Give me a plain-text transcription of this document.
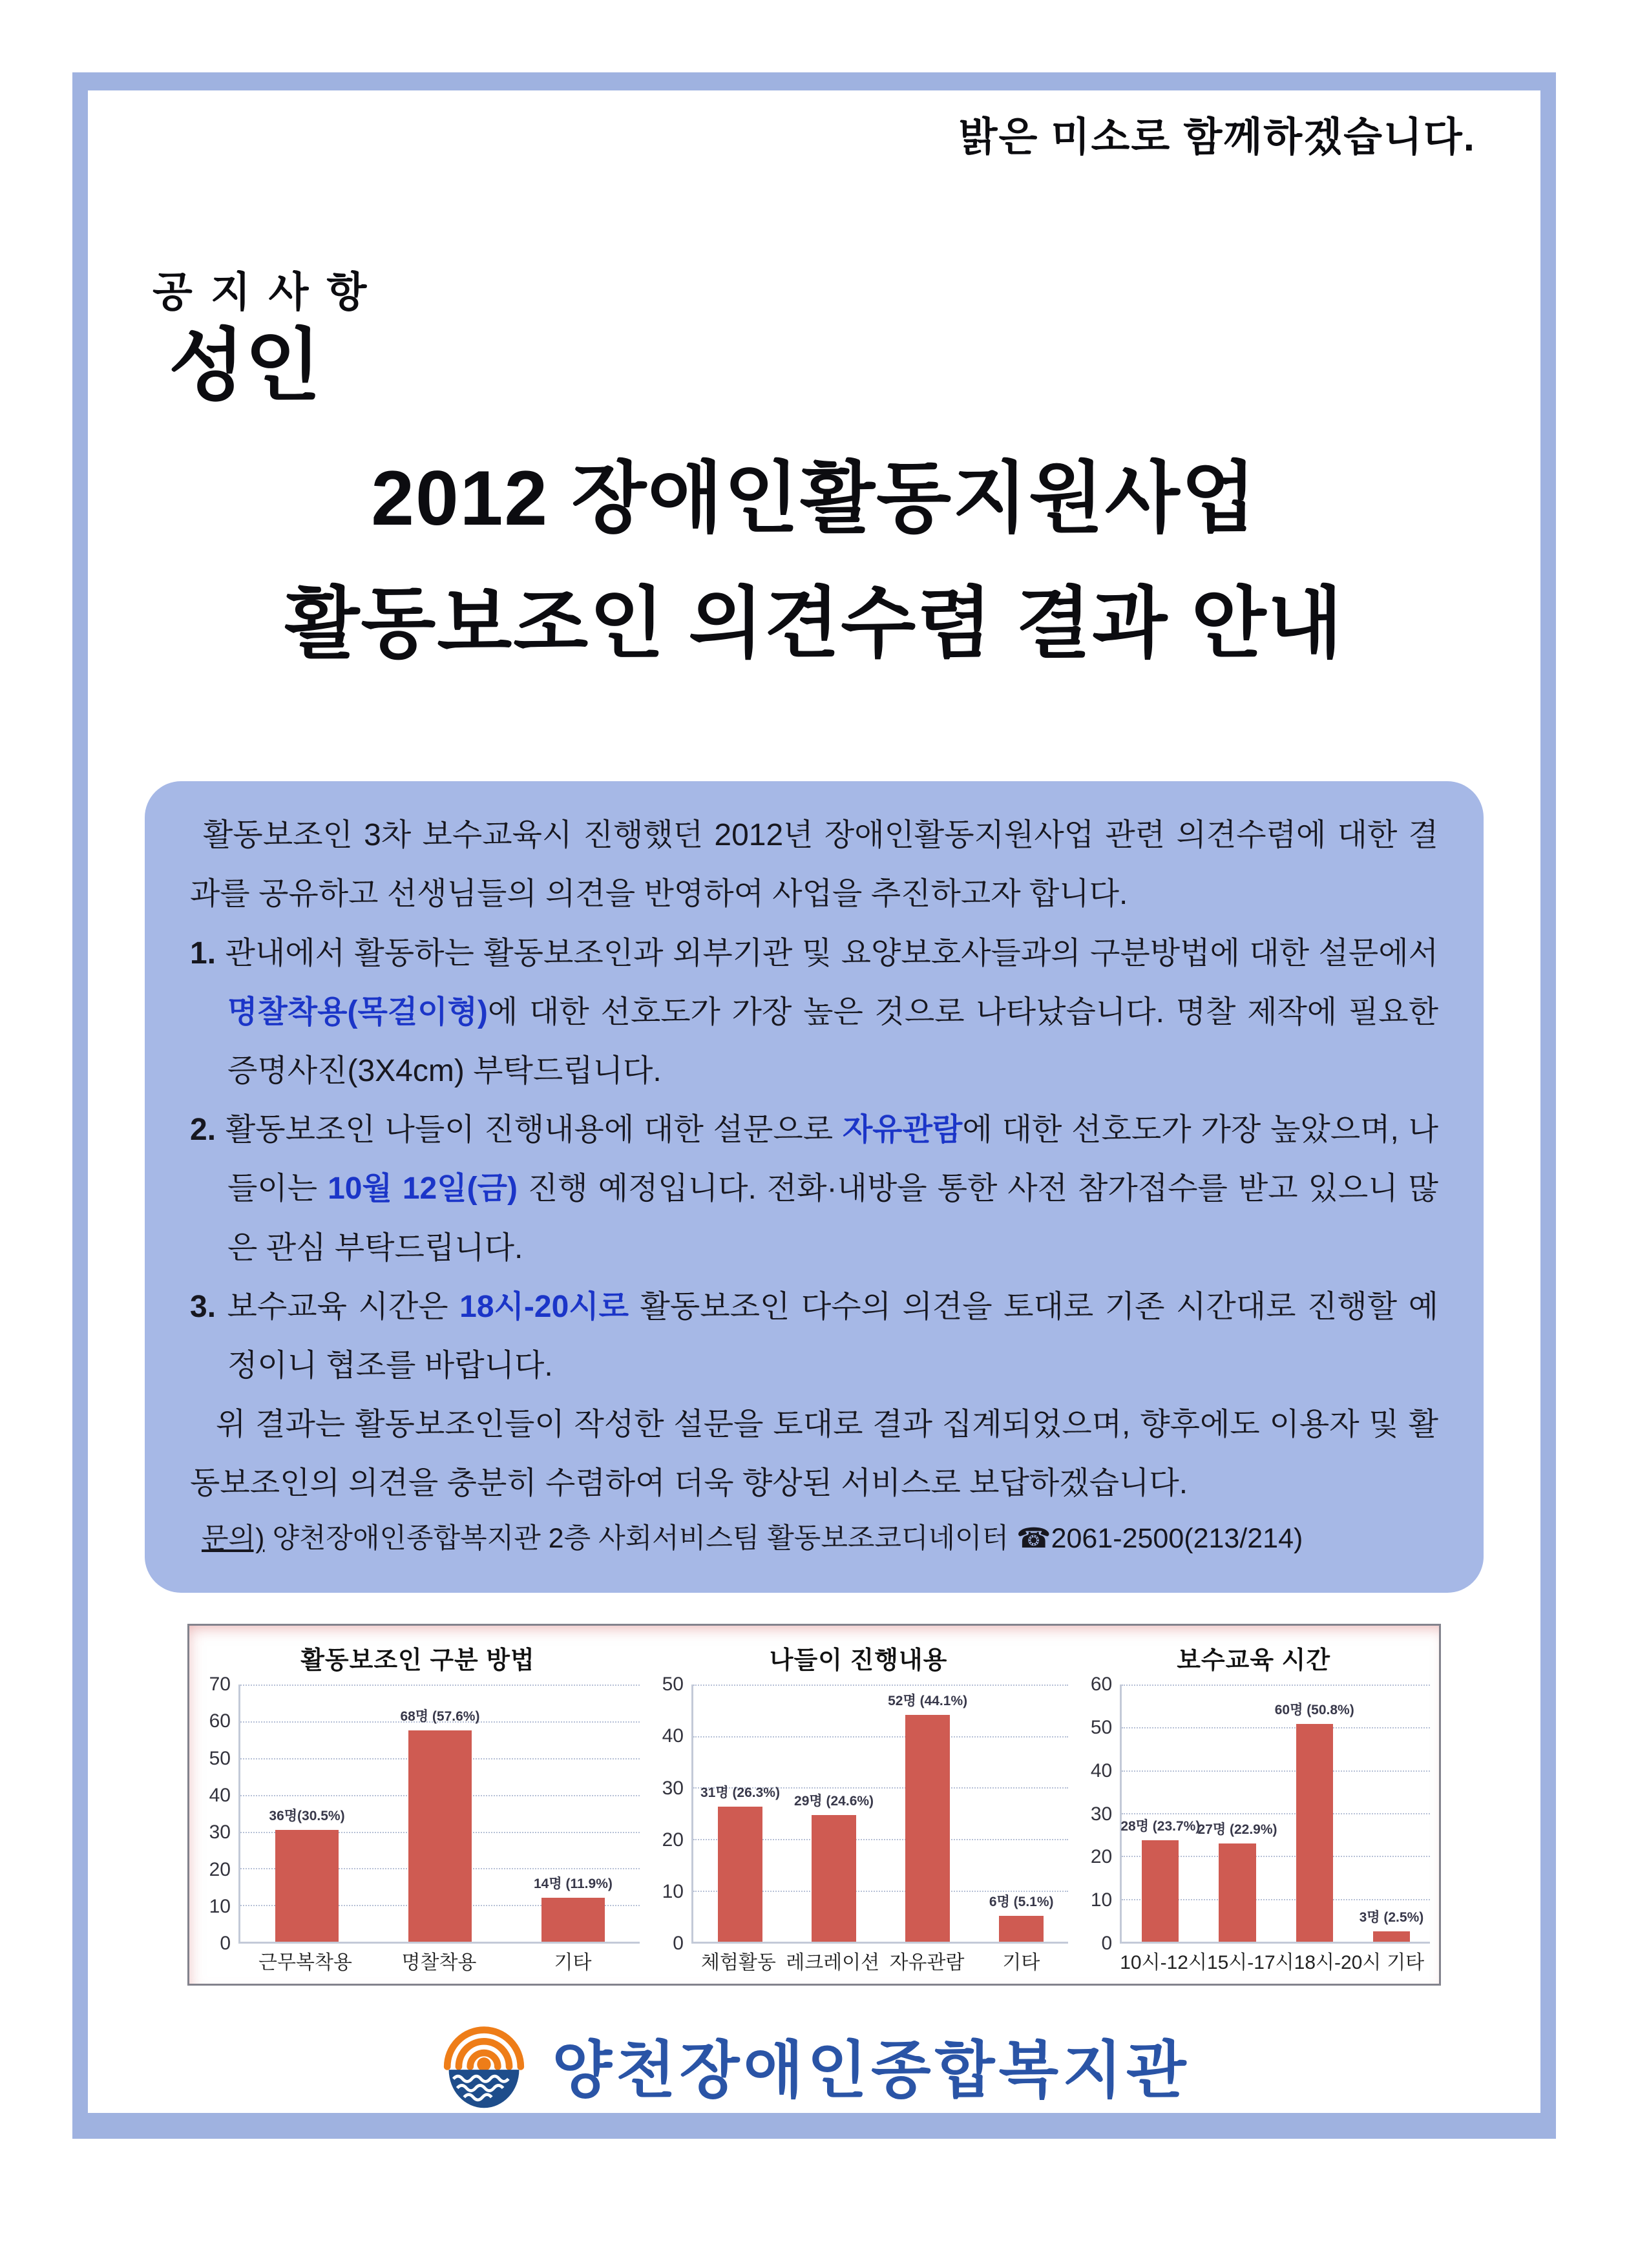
밝은 미소로 함께하겠습니다.
공지사항
성인
2012 장애인활동지원사업
활동보조인 의견수렴 결과 안내

활동보조인 3차 보수교육시 진행했던 2012년 장애인활동지원사업 관련 의견수렴에 대한 결과를 공유하고 선생님들의 의견을 반영하여 사업을 추진하고자 합니다.

1. 관내에서 활동하는 활동보조인과 외부기관 및 요양보호사들과의 구분방법에 대한 설문에서 명찰착용(목걸이형)에 대한 선호도가 가장 높은 것으로 나타났습니다. 명찰 제작에 필요한 증명사진(3X4cm) 부탁드립니다.

2. 활동보조인 나들이 진행내용에 대한 설문으로 자유관람에 대한 선호도가 가장 높았으며, 나들이는 10월 12일(금) 진행 예정입니다. 전화·내방을 통한 사전 참가접수를 받고 있으니 많은 관심 부탁드립니다.

3. 보수교육 시간은 18시-20시로 활동보조인 다수의 의견을 토대로 기존 시간대로 진행할 예정이니 협조를 바랍니다.

위 결과는 활동보조인들이 작성한 설문을 토대로 결과 집계되었으며, 향후에도 이용자 및 활동보조인의 의견을 충분히 수렴하여 더욱 향상된 서비스로 보답하겠습니다.

문의) 양천장애인종합복지관 2층 사회서비스팀 활동보조코디네이터 ☎2061-2500(213/214)

활동보조인 구분 방법
70
60
50
40
30
20
10
0
36명(30.5%)
68명 (57.6%)
14명 (11.9%)
근무복착용	명찰착용	기타
나들이 진행내용
50
40
30
20
10
0
31명 (26.3%)
29명 (24.6%)
52명 (44.1%)
6명 (5.1%)
체험활동 레크레이션 자유관람	기타
보수교육 시간
60
50
40
30
20
10
0
28명 (23.7%)
27명 (22.9%)
60명 (50.8%)
3명 (2.5%)
10시-12시 15시-17시 18시-20시 기타
양천장애인종합복지관
